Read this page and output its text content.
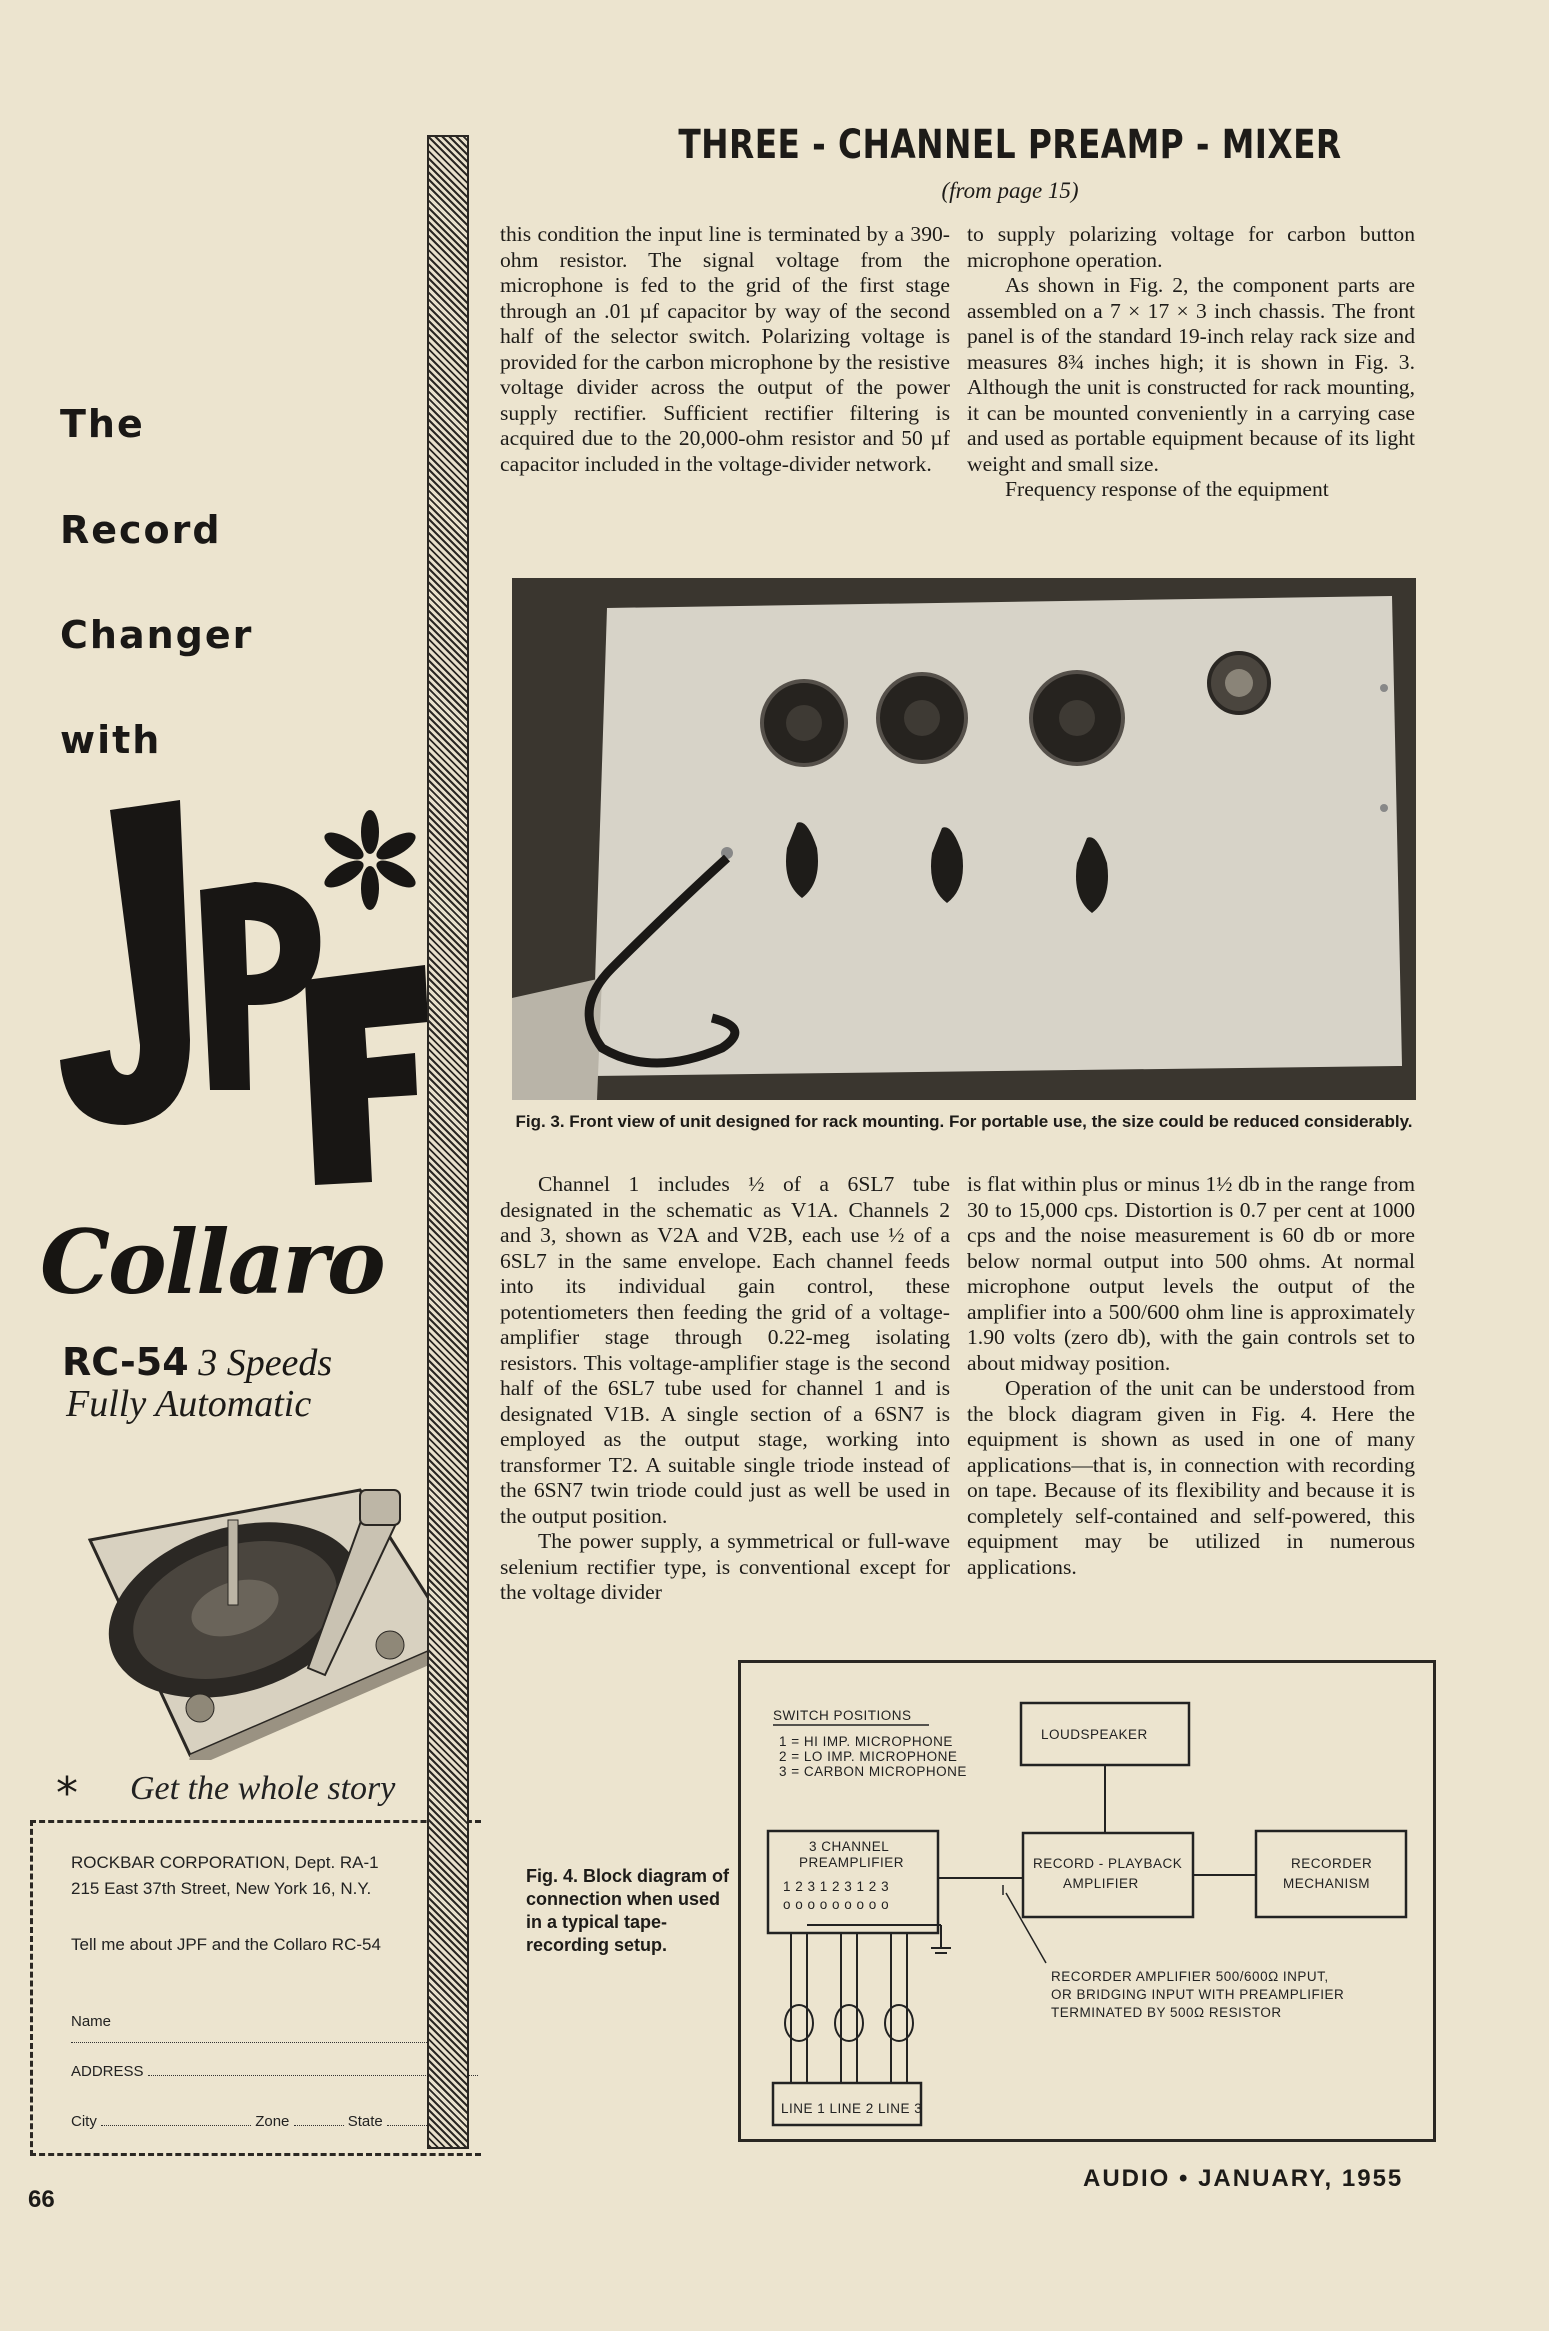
The
Record
Changer
with
Collaro
RC-54 3 Speeds
Fully Automatic
* Get the whole story
ROCKBAR CORPORATION, Dept. RA-1
215 East 37th Street, New York 16, N.Y.
Tell me about JPF and the Collaro RC-54
Name
ADDRESS
City	Zone	State
THREE - CHANNEL PREAMP - MIXER
(from page 15)

this condition the input line is terminated by a 390-ohm resistor. The signal voltage from the microphone is fed to the grid of the first stage through an .01 µf capacitor by way of the second half of the selector switch. Polarizing voltage is provided for the carbon microphone by the resistive voltage divider across the output of the power supply rectifier. Sufficient rectifier filtering is acquired due to the 20,000-ohm resistor and 50 µf capacitor included in the voltage-divider network.

to supply polarizing voltage for carbon button microphone operation.

As shown in Fig. 2, the component parts are assembled on a 7 × 17 × 3 inch chassis. The front panel is of the standard 19-inch relay rack size and measures 8¾ inches high; it is shown in Fig. 3. Although the unit is constructed for rack mounting, it can be mounted conveniently in a carrying case and used as portable equipment because of its light weight and small size.

Frequency response of the equipment

Fig. 3. Front view of unit designed for rack mounting. For portable use, the size could be reduced considerably.

Channel 1 includes ½ of a 6SL7 tube designated in the schematic as V1A. Channels 2 and 3, shown as V2A and V2B, each use ½ of a 6SL7 in the same envelope. Each channel feeds into its individual gain control, these potentiometers then feeding the grid of a voltage-amplifier stage through 0.22-meg isolating resistors. This voltage-amplifier stage is the second half of the 6SL7 tube used for channel 1 and is designated V1B. A single section of a 6SN7 is employed as the output stage, working into transformer T2. A suitable single triode instead of the 6SN7 twin triode could just as well be used in the output position.

The power supply, a symmetrical or full-wave selenium rectifier type, is conventional except for the voltage divider

is flat within plus or minus 1½ db in the range from 30 to 15,000 cps. Distortion is 0.7 per cent at 1000 cps and the noise measurement is 60 db or more below normal output into 500 ohms. At normal microphone output levels the output of the amplifier into a 500/600 ohm line is approximately 1.90 volts (zero db), with the gain controls set to about midway position.

Operation of the unit can be understood from the block diagram given in Fig. 4. Here the equipment is shown as used in one of many applications—that is, in connection with recording on tape. Because of its flexibility and because it is completely self-contained and self-powered, this equipment may be utilized in numerous applications.

Fig. 4. Block diagram of connection when used in a typical tape-recording setup.
SWITCH POSITIONS
1 = HI IMP. MICROPHONE
2 = LO IMP. MICROPHONE
3 = CARBON MICROPHONE
LOUDSPEAKER
3 CHANNEL
PREAMPLIFIER
1 2 3 1 2 3 1 2 3
o o o o o o o o o
RECORD - PLAYBACK
AMPLIFIER
RECORDER
MECHANISM
RECORDER AMPLIFIER 500/600Ω INPUT,
OR BRIDGING INPUT WITH PREAMPLIFIER
TERMINATED BY 500Ω RESISTOR
LINE 1 LINE 2 LINE 3
AUDIO • JANUARY, 1955
66
